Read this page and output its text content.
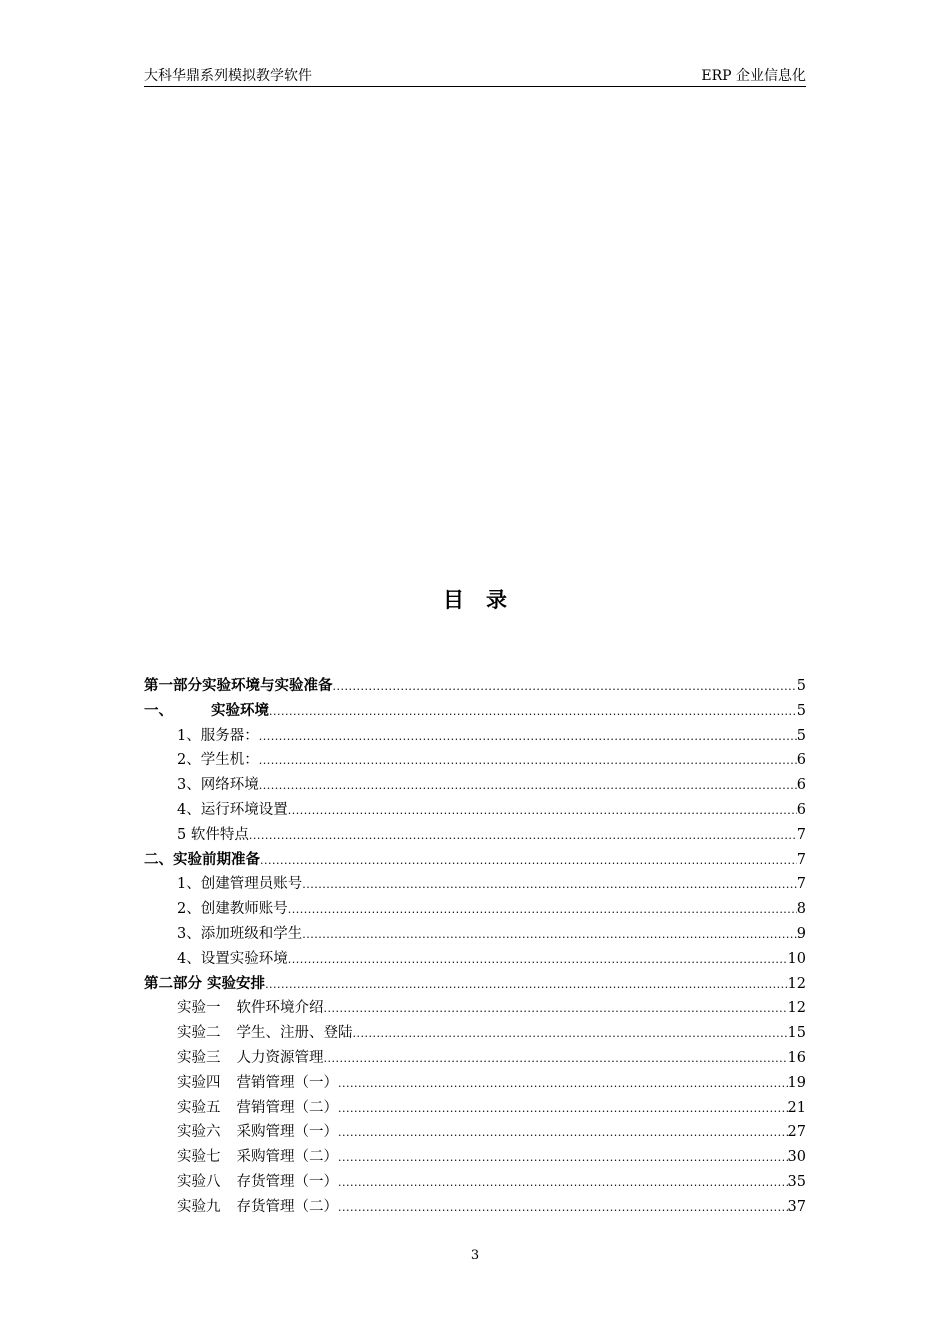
大科华鼎系列模拟教学软件	ERP 企业信息化
目录
第一部分实验环境与实验准备 .....	5
一、	实验环境 .....	5
1、服务器： .....	5
2、学生机： .....	6
3、网络环境 .....	6
4、运行环境设置 .....	6
5 软件特点 .....	7
二、实验前期准备 .....	7
1、创建管理员账号 .....	7
2、创建教师账号 .....	8
3、添加班级和学生 .....	9
4、设置实验环境 .....	10
第二部分 实验安排 .....	12
实验一 软件环境介绍 .....	12
实验二 学生、注册、登陆 .....	15
实验三 人力资源管理 .....	16
实验四 营销管理（一） .....	19
实验五 营销管理（二） .....	21
实验六 采购管理（一） .....	27
实验七 采购管理（二） .....	30
实验八 存货管理（一） .....	35
实验九 存货管理（二） .....	37
3
